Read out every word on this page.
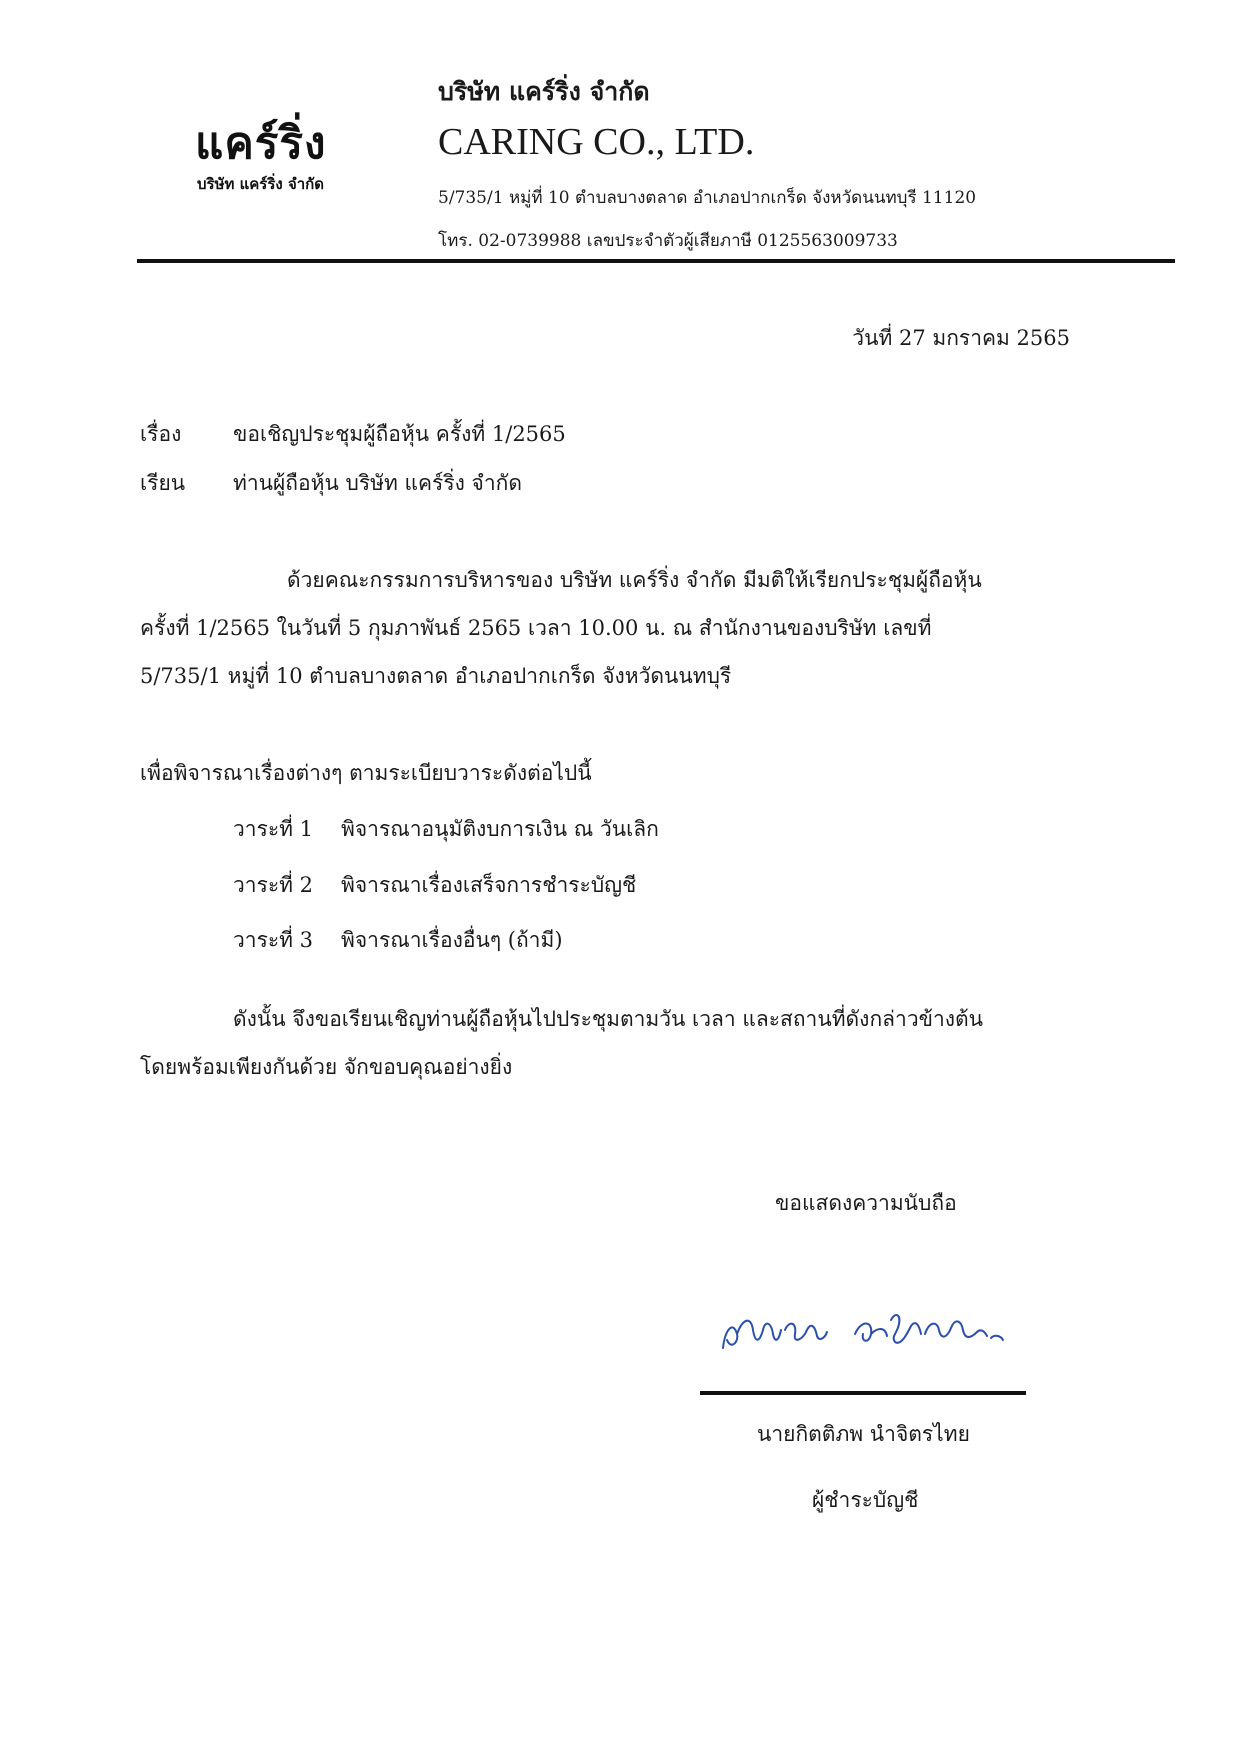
แคร์ริ่ง
บริษัท แคร์ริ่ง จำกัด
บริษัท แคร์ริ่ง จำกัด
CARING CO., LTD.
5/735/1 หมู่ที่ 10 ตำบลบางตลาด อำเภอปากเกร็ด จังหวัดนนทบุรี 11120
โทร. 02-0739988 เลขประจำตัวผู้เสียภาษี 0125563009733
วันที่ 27 มกราคม 2565
เรื่อง ขอเชิญประชุมผู้ถือหุ้น ครั้งที่ 1/2565
เรียน ท่านผู้ถือหุ้น บริษัท แคร์ริ่ง จำกัด
ด้วยคณะกรรมการบริหารของ บริษัท แคร์ริ่ง จำกัด มีมติให้เรียกประชุมผู้ถือหุ้น
ครั้งที่ 1/2565 ในวันที่ 5 กุมภาพันธ์ 2565 เวลา 10.00 น. ณ สำนักงานของบริษัท เลขที่
5/735/1 หมู่ที่ 10 ตำบลบางตลาด อำเภอปากเกร็ด จังหวัดนนทบุรี
เพื่อพิจารณาเรื่องต่างๆ ตามระเบียบวาระดังต่อไปนี้
วาระที่ 1 พิจารณาอนุมัติงบการเงิน ณ วันเลิก
วาระที่ 2 พิจารณาเรื่องเสร็จการชำระบัญชี
วาระที่ 3 พิจารณาเรื่องอื่นๆ (ถ้ามี)
ดังนั้น จึงขอเรียนเชิญท่านผู้ถือหุ้นไปประชุมตามวัน เวลา และสถานที่ดังกล่าวข้างต้น
โดยพร้อมเพียงกันด้วย จักขอบคุณอย่างยิ่ง
ขอแสดงความนับถือ
นายกิตติภพ นำจิตรไทย
ผู้ชำระบัญชี
